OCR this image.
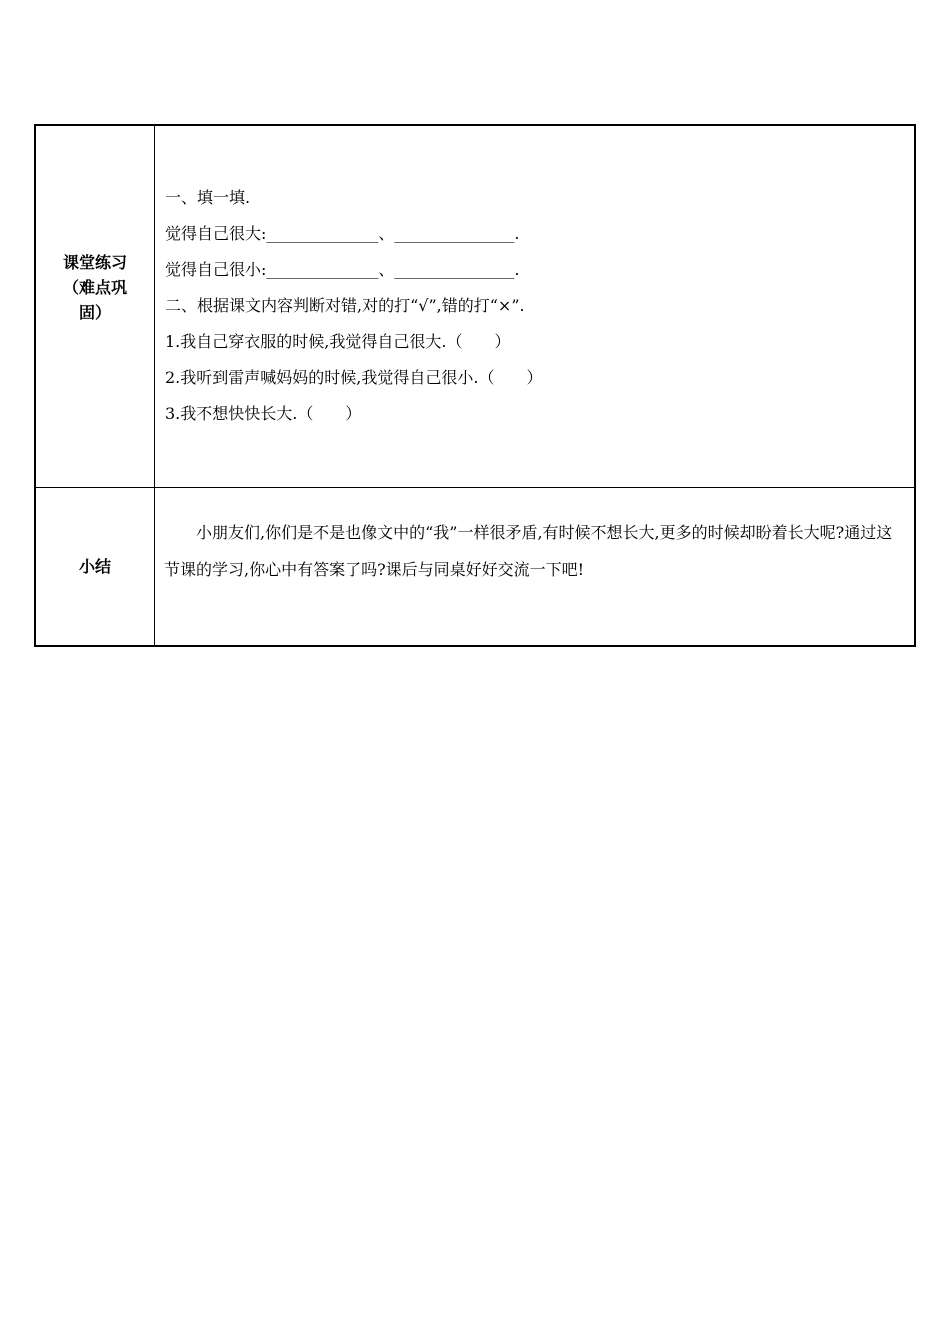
课堂练习
（难点巩
固）
一、填一填.
觉得自己很大:______________、_______________.
觉得自己很小:______________、_______________.
二、根据课文内容判断对错,对的打“√”,错的打“×”.
1.我自己穿衣服的时候,我觉得自己很大.（　　）
2.我听到雷声喊妈妈的时候,我觉得自己很小.（　　）
3.我不想快快长大.（　　）
小结

小朋友们,你们是不是也像文中的“我”一样很矛盾,有时候不想长大,更多的时候却盼着长大呢?通过这节课的学习,你心中有答案了吗?课后与同桌好好交流一下吧!
